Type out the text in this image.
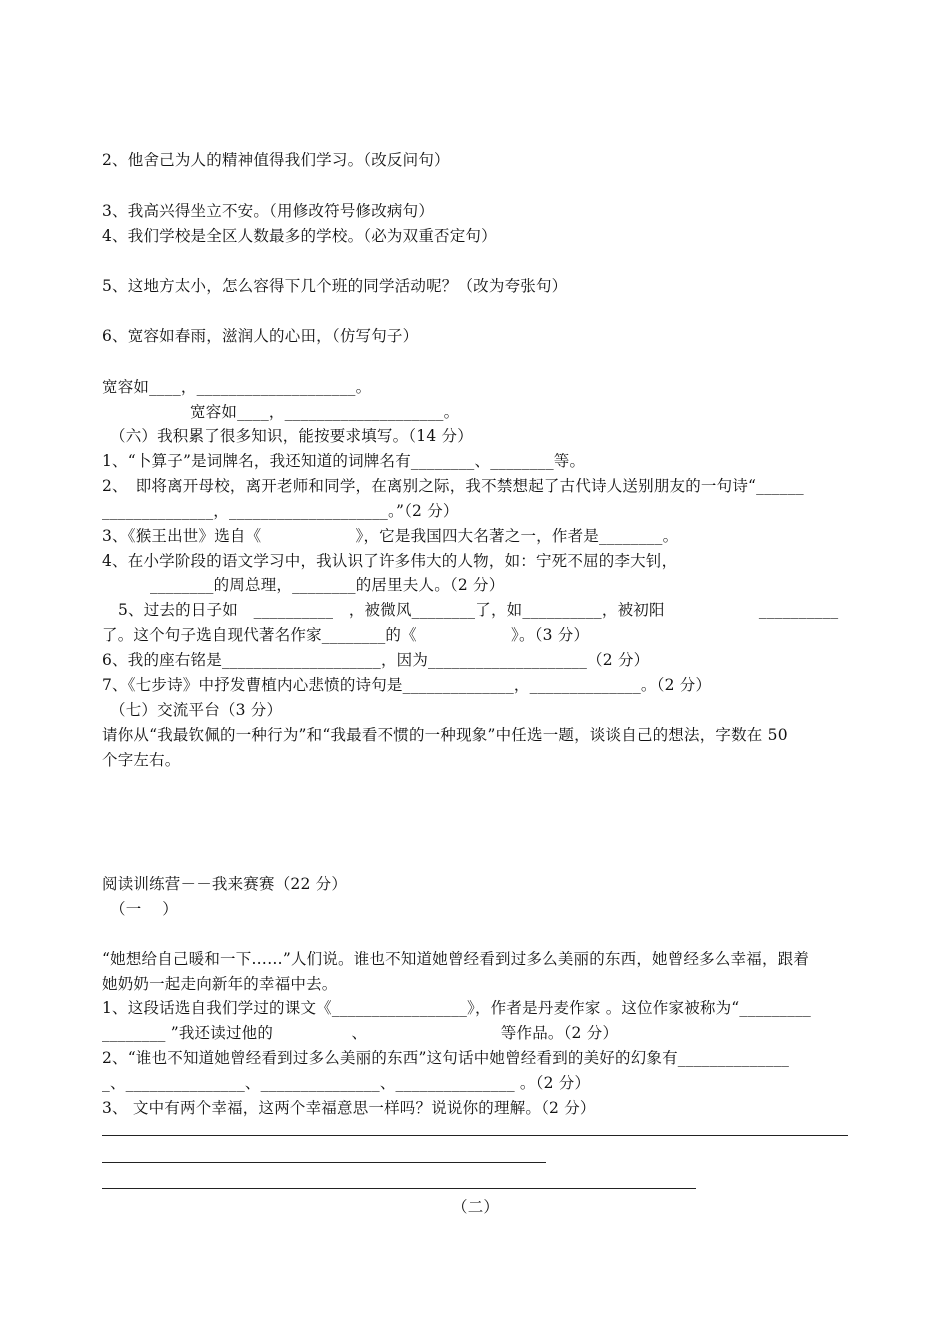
2、他舍己为人的精神值得我们学习。（改反问句）
3、我高兴得坐立不安。（用修改符号修改病句）
4、我们学校是全区人数最多的学校。（必为双重否定句）
5、这地方太小，怎么容得下几个班的同学活动呢？（改为夸张句）
6、宽容如春雨，滋润人的心田，（仿写句子）
宽容如____，____________________。
宽容如____，____________________。
（六）我积累了很多知识，能按要求填写。（14 分）
1、“卜算子”是词牌名，我还知道的词牌名有________、________等。
2、　即将离开母校，离开老师和同学，在离别之际，我不禁想起了古代诗人送别朋友的一句诗“______
______________，____________________。”（2 分）
3、《猴王出世》选自《　　　　　　》，它是我国四大名著之一，作者是________。
4、在小学阶段的语文学习中，我认识了许多伟大的人物，如：宁死不屈的李大钊，
________的周总理，________的居里夫人。（2 分）
5、过去的日子如　__________　，被微风________了，如__________，被初阳　　　　　　__________
了。这个句子选自现代著名作家________的《　　　　　　》。（3 分）
6、我的座右铭是____________________，因为____________________（2 分）
7、《七步诗》中抒发曹植内心悲愤的诗句是______________，______________。（2 分）
（七）交流平台（3 分）
请你从“我最钦佩的一种行为”和“我最看不惯的一种现象”中任选一题，谈谈自己的想法，字数在 50
个字左右。
阅读训练营－－我来赛赛（22 分）
（一　 ）
“她想给自己暖和一下……”人们说。谁也不知道她曾经看到过多么美丽的东西，她曾经多么幸福，跟着
她奶奶一起走向新年的幸福中去。
1、这段话选自我们学过的课文《_________________》，作者是丹麦作家 。这位作家被称为“_________
________ ”我还读过他的　　　　　、　　　　　　　　　等作品。（2 分）
2、“谁也不知道她曾经看到过多么美丽的东西”这句话中她曾经看到的美好的幻象有______________
_、_______________、_______________、_______________ 。（2 分）
3、 文中有两个幸福，这两个幸福意思一样吗？说说你的理解。（2 分）
（二）
